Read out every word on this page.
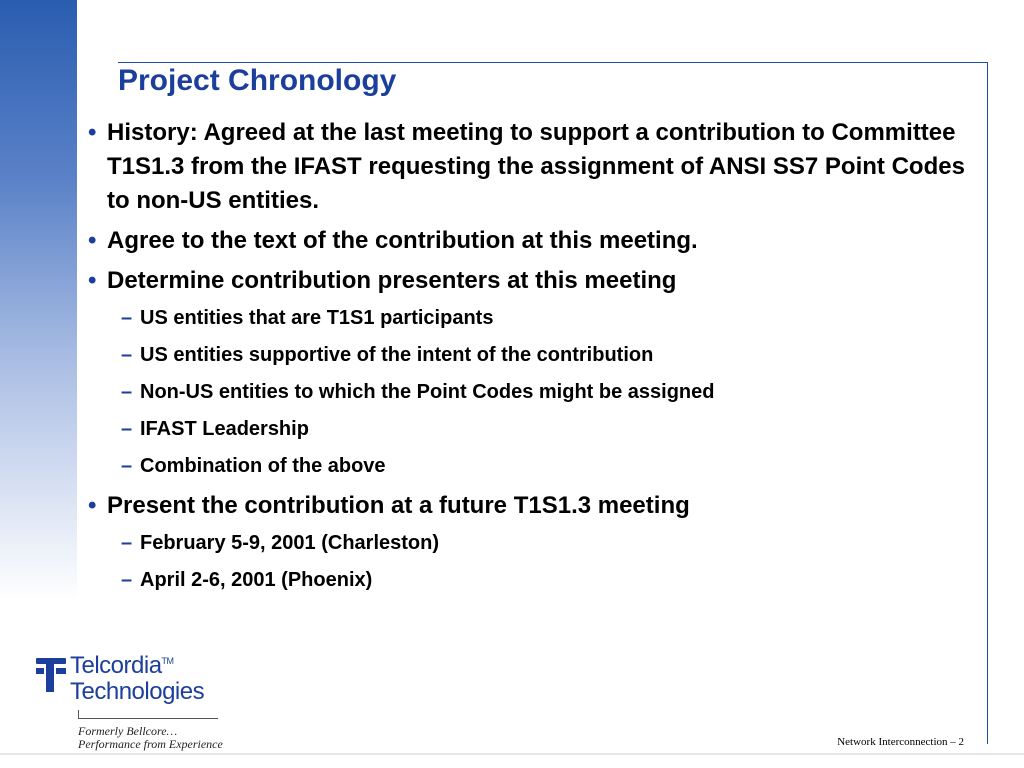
Project Chronology
• History: Agreed at the last meeting to support a contribution to Committee T1S1.3 from the IFAST requesting the assignment of ANSI SS7 Point Codes to non-US entities.
• Agree to the text of the contribution at this meeting.
• Determine contribution presenters at this meeting
– US entities that are T1S1 participants
– US entities supportive of the intent of the contribution
– Non-US entities to which the Point Codes might be assigned
– IFAST Leadership
– Combination of the above
• Present the contribution at a future T1S1.3 meeting
– February 5-9, 2001 (Charleston)
– April 2-6, 2001 (Phoenix)
Telcordia™
Technologies
Formerly Bellcore…
Performance from Experience	Network Interconnection – 2
